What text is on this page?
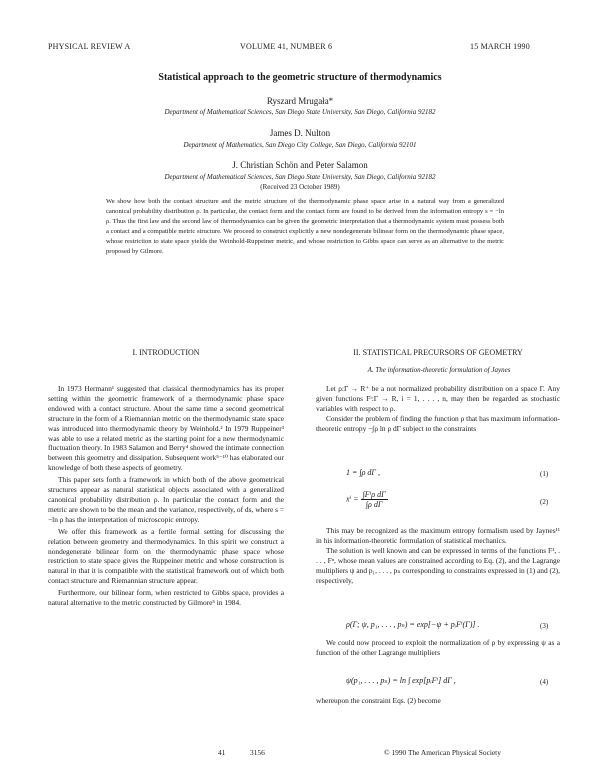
PHYSICAL REVIEW A	VOLUME 41, NUMBER 6	15 MARCH 1990
Statistical approach to the geometric structure of thermodynamics
Ryszard Mrugała*
Department of Mathematical Sciences, San Diego State University, San Diego, California 92182
James D. Nulton
Department of Mathematics, San Diego City College, San Diego, California 92101
J. Christian Schön and Peter Salamon
Department of Mathematical Sciences, San Diego State University, San Diego, California 92182
(Received 23 October 1989)
We show how both the contact structure and the metric structure of the thermodynamic phase space arise in a natural way from a generalized canonical probability distribution ρ. In particular, the contact form and the contact form are found to be derived from the information entropy s = −ln ρ. Thus the first law and the second law of thermodynamics can be given the geometric interpretation that a thermodynamic system must possess both a contact and a compatible metric structure. We proceed to construct explicitly a new nondegenerate bilinear form on the thermodynamic phase space, whose restriction to state space yields the Weinhold-Ruppeiner metric, and whose restriction to Gibbs space can serve as an alternative to the metric proposed by Gilmore.
I. INTRODUCTION	II. STATISTICAL PRECURSORS OF GEOMETRY
A. The information-theoretic formulation of Jaynes

In 1973 Hermann¹ suggested that classical thermodynamics has its proper setting within the geometric framework of a thermodynamic phase space endowed with a contact structure. About the same time a second geometrical structure in the form of a Riemannian metric on the thermodynamic state space was introduced into thermodynamic theory by Weinhold.² In 1979 Ruppeiner³ was able to use a related metric as the starting point for a new thermodynamic fluctuation theory. In 1983 Salamon and Berry⁴ showed the intimate connection between this geometry and dissipation. Subsequent work⁵⁻¹⁰ has elaborated our knowledge of both these aspects of geometry.

This paper sets forth a framework in which both of the above geometrical structures appear as natural statistical objects associated with a generalized canonical probability distribution ρ. In particular the contact form and the metric are shown to be the mean and the variance, respectively, of ds, where s = −ln ρ has the interpretation of microscopic entropy.

We offer this framework as a fertile formal setting for discussing the relation between geometry and thermodynamics. In this spirit we construct a nondegenerate bilinear form on the thermodynamic phase space whose restriction to state space gives the Ruppeiner metric and whose construction is natural in that it is compatible with the statistical framework out of which both contact structure and Riemannian structure appear.

Furthermore, our bilinear form, when restricted to Gibbs space, provides a natural alternative to the metric constructed by Gilmore⁵ in 1984.

Let ρ:Γ → R⁺ be a not normalized probability distribution on a space Γ. Any given functions Fⁱ:Γ → R, i = 1, . . . , n, may then be regarded as stochastic variables with respect to ρ.

Consider the problem of finding the function ρ that has maximum information-theoretic entropy −∫ρ ln ρ dΓ subject to the constraints

1 = ∫ρ dΓ ,	(1)
$x^i = \frac{\text{∫Fⁱρ dΓ}}{\text{∫ρ dΓ}}$	(2)

This may be recognized as the maximum entropy formalism used by Jaynes¹¹ in his information-theoretic formulation of statistical mechanics.

The solution is well known and can be expressed in terms of the functions F¹, . . . , Fⁿ, whose mean values are constrained according to Eq. (2), and the Lagrange multipliers ψ and p₁, . . . , pₙ corresponding to constraints expressed in (1) and (2), respectively,

ρ(Γ; ψ, p₁, . . . , pₙ) = exp[−ψ + pᵢFⁱ(Γ)] .	(3)

We could now proceed to exploit the normalization of ρ by expressing ψ as a function of the other Lagrange multipliers

ψ(p₁, . . . , pₙ) = ln ∫ exp[pᵢFⁱ] dΓ ,	(4)

whereupon the constraint Eqs. (2) become

41	3156	© 1990 The American Physical Society
